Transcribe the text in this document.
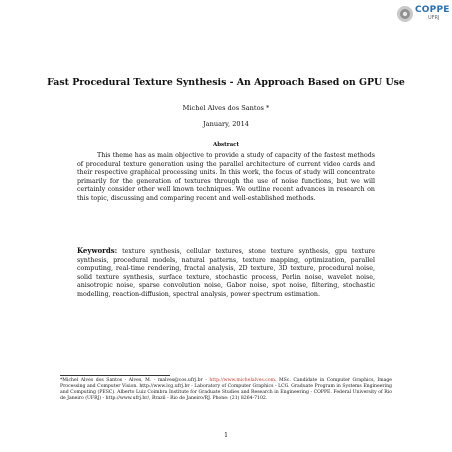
COPPE
UFRJ
Fast Procedural Texture Synthesis - An Approach Based on GPU Use
Michel Alves dos Santos *
January, 2014
Abstract

This theme has as main objective to provide a study of capacity of the fastest methods of procedural texture generation using the parallel architecture of current video cards and their respective graphical processing units. In this work, the focus of study will concentrate primarily for the generation of textures through the use of noise functions, but we will certainly consider other well known techniques. We outline recent advances in research on this topic, discussing and comparing recent and well-established methods.

Keywords: texture synthesis, cellular textures, stone texture synthesis, gpu texture synthesis, procedural models, natural patterns, texture mapping, optimization, parallel computing, real-time rendering, fractal analysis, 2D texture, 3D texture, procedural noise, solid texture synthesis, surface texture, stochastic process, Perlin noise, wavelet noise, anisotropic noise, sparse convolution noise, Gabor noise, spot noise, filtering, stochastic modelling, reaction-diffusion, spectral analysis, power spectrum estimation.

*Michel Alves dos Santos - Alves, M. - malves@cos.ufrj.br - http://www.michelalves.com. MSc. Candidate in Computer Graphics, Image Processing and Computer Vision. http://www.lcg.ufrj.br - Laboratory of Computer Graphics - LCG. Graduate Program in Systems Engineering and Computing (PESC). Alberto Luiz Coimbra Institute for Graduate Studies and Research in Engineering - COPPE. Federal University of Rio de Janeiro (UFRJ) - http://www.ufrj.br/, Brazil - Rio de Janeiro/RJ. Phone: (21) 8264-7102.

1
